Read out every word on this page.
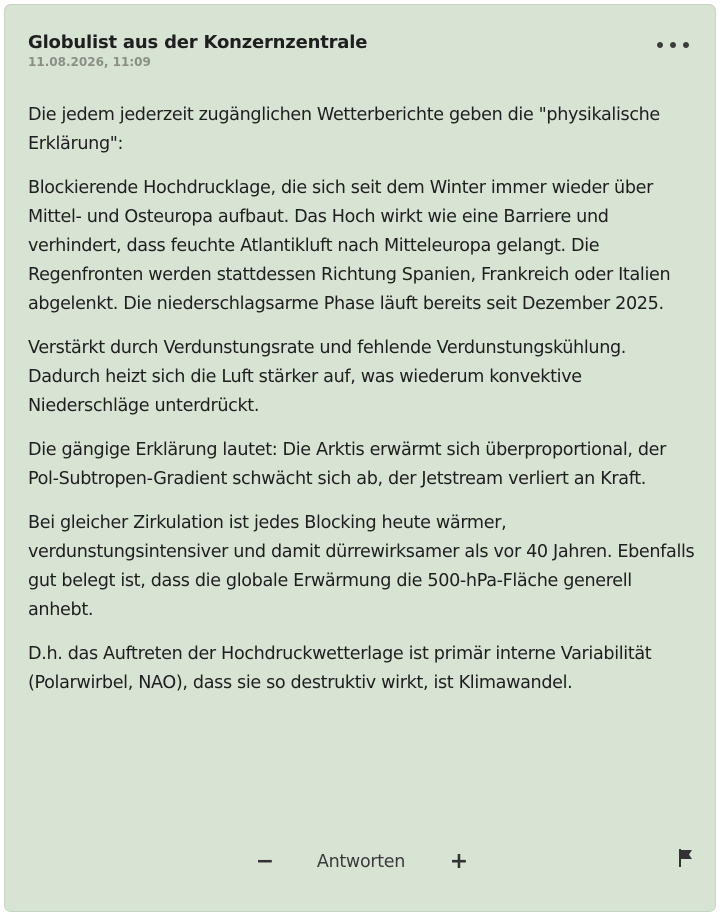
Globulist aus der Konzernzentrale
11.08.2026, 11:09

Die jedem jederzeit zugänglichen Wetterberichte geben die "physikalische Erklärung":

Blockierende Hochdrucklage, die sich seit dem Winter immer wieder über Mittel- und Osteuropa aufbaut. Das Hoch wirkt wie eine Barriere und verhindert, dass feuchte Atlantikluft nach Mitteleuropa gelangt. Die Regenfronten werden stattdessen Richtung Spanien, Frankreich oder Italien abgelenkt. Die niederschlagsarme Phase läuft bereits seit Dezember 2025.

Verstärkt durch Verdunstungsrate und fehlende Verdunstungskühlung. Dadurch heizt sich die Luft stärker auf, was wiederum konvektive Niederschläge unterdrückt.

Die gängige Erklärung lautet: Die Arktis erwärmt sich überproportional, der Pol-Subtropen-Gradient schwächt sich ab, der Jetstream verliert an Kraft.

Bei gleicher Zirkulation ist jedes Blocking heute wärmer, verdunstungsintensiver und damit dürrewirksamer als vor 40 Jahren. Ebenfalls gut belegt ist, dass die globale Erwärmung die 500-hPa-Fläche generell anhebt.

D.h. das Auftreten der Hochdruckwetterlage ist primär interne Variabilität (Polarwirbel, NAO), dass sie so destruktiv wirkt, ist Klimawandel.

−	Antworten	+
